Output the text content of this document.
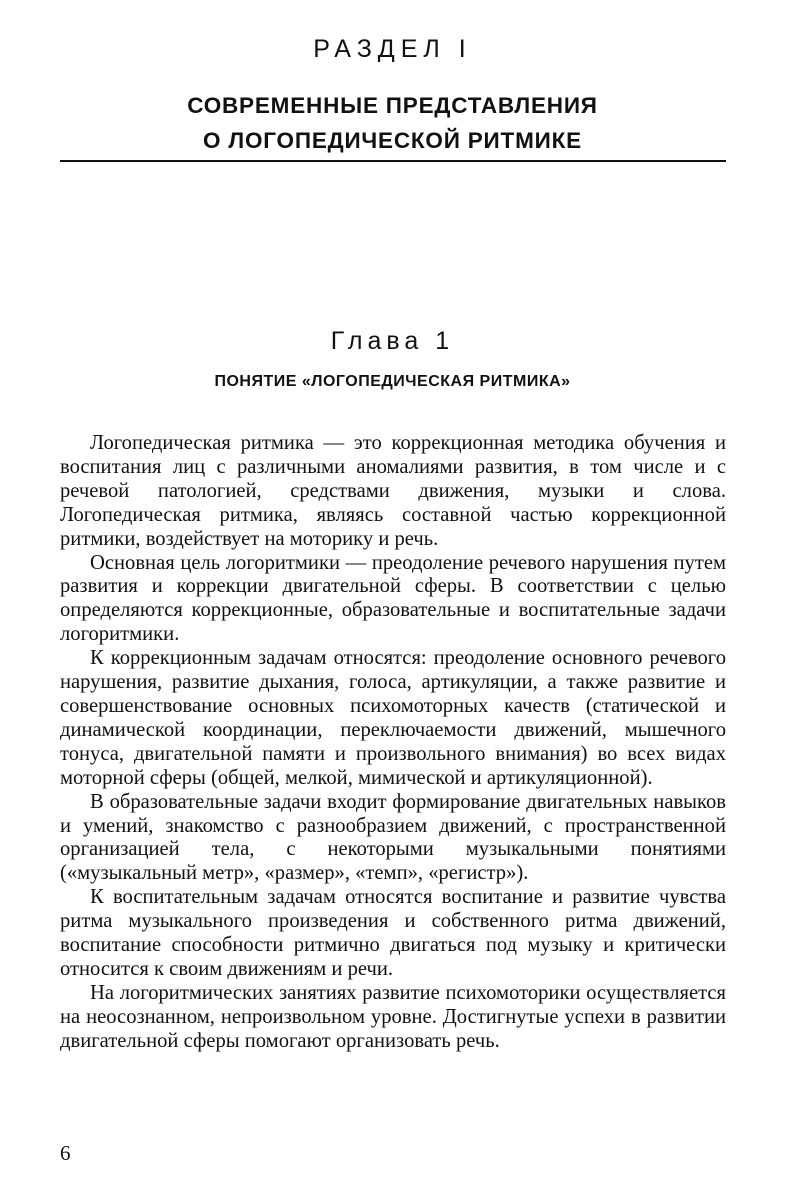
РАЗДЕЛ I
СОВРЕМЕННЫЕ ПРЕДСТАВЛЕНИЯ
О ЛОГОПЕДИЧЕСКОЙ РИТМИКЕ
Глава 1
ПОНЯТИЕ «ЛОГОПЕДИЧЕСКАЯ РИТМИКА»

Логопедическая ритмика — это коррекционная методика обучения и воспитания лиц с различными аномалиями развития, в том числе и с речевой патологией, средствами движения, музыки и слова. Логопедическая ритмика, являясь составной частью коррекционной ритмики, воздействует на моторику и речь.

Основная цель логоритмики — преодоление речевого нарушения путем развития и коррекции двигательной сферы. В соответствии с целью определяются коррекционные, образовательные и воспитательные задачи логоритмики.

К коррекционным задачам относятся: преодоление основного речевого нарушения, развитие дыхания, голоса, артикуляции, а также развитие и совершенствование основных психомоторных качеств (статической и динамической координации, переключаемости движений, мышечного тонуса, двигательной памяти и произвольного внимания) во всех видах моторной сферы (общей, мелкой, мимической и артикуляционной).

В образовательные задачи входит формирование двигательных навыков и умений, знакомство с разнообразием движений, с пространственной организацией тела, с некоторыми музыкальными понятиями («музыкальный метр», «размер», «темп», «регистр»).

К воспитательным задачам относятся воспитание и развитие чувства ритма музыкального произведения и собственного ритма движений, воспитание способности ритмично двигаться под музыку и критически относится к своим движениям и речи.

На логоритмических занятиях развитие психомоторики осуществляется на неосознанном, непроизвольном уровне. Достигнутые успехи в развитии двигательной сферы помогают организовать речь.

6
